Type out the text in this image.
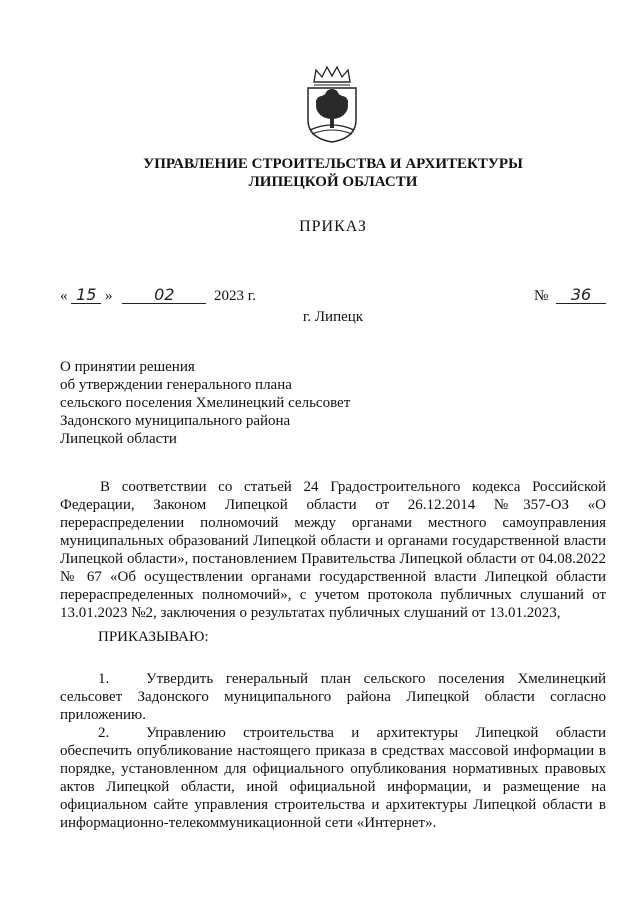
УПРАВЛЕНИЕ СТРОИТЕЛЬСТВА И АРХИТЕКТУРЫ
ЛИПЕЦКОЙ ОБЛАСТИ
ПРИКАЗ
« 15 »	02	2023 г.	№ 36
г. Липецк
О принятии решения
об утверждении генерального плана
сельского поселения Хмелинецкий сельсовет
Задонского муниципального района
Липецкой области

В соответствии со статьей 24 Градостроительного кодекса Российской Федерации, Законом Липецкой области от 26.12.2014 №357-ОЗ «О перераспределении полномочий между органами местного самоуправления муниципальных образований Липецкой области и органами государственной власти Липецкой области», постановлением Правительства Липецкой области от 04.08.2022 № 67 «Об осуществлении органами государственной власти Липецкой области перераспределенных полномочий», с учетом протокола публичных слушаний от 13.01.2023 №2, заключения о результатах публичных слушаний от 13.01.2023,

ПРИКАЗЫВАЮ:

1. Утвердить генеральный план сельского поселения Хмелинецкий сельсовет Задонского муниципального района Липецкой области согласно приложению.

2. Управлению строительства и архитектуры Липецкой области обеспечить опубликование настоящего приказа в средствах массовой информации в порядке, установленном для официального опубликования нормативных правовых актов Липецкой области, иной официальной информации, и размещение на официальном сайте управления строительства и архитектуры Липецкой области в информационно-телекоммуникационной сети «Интернет».
